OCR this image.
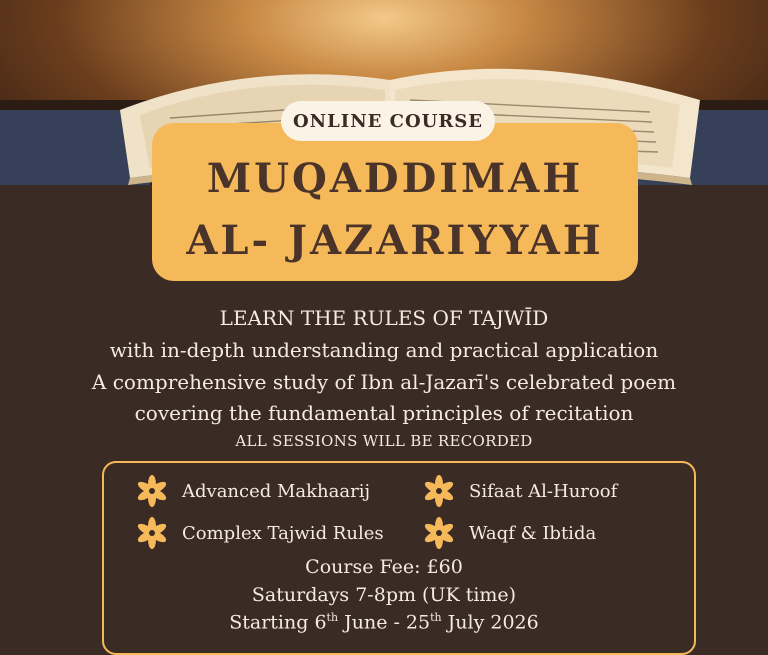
ONLINE COURSE
MUQADDIMAH
AL- JAZARIYYAH
LEARN THE RULES OF TAJWĪD
with in-depth understanding and practical application
A comprehensive study of Ibn al-Jazarī's celebrated poem
covering the fundamental principles of recitation
ALL SESSIONS WILL BE RECORDED
Advanced Makhaarij	Sifaat Al-Huroof
Complex Tajwid Rules	Waqf & Ibtida
Course Fee: £60
Saturdays 7-8pm (UK time)
Starting 6th June - 25th July 2026
